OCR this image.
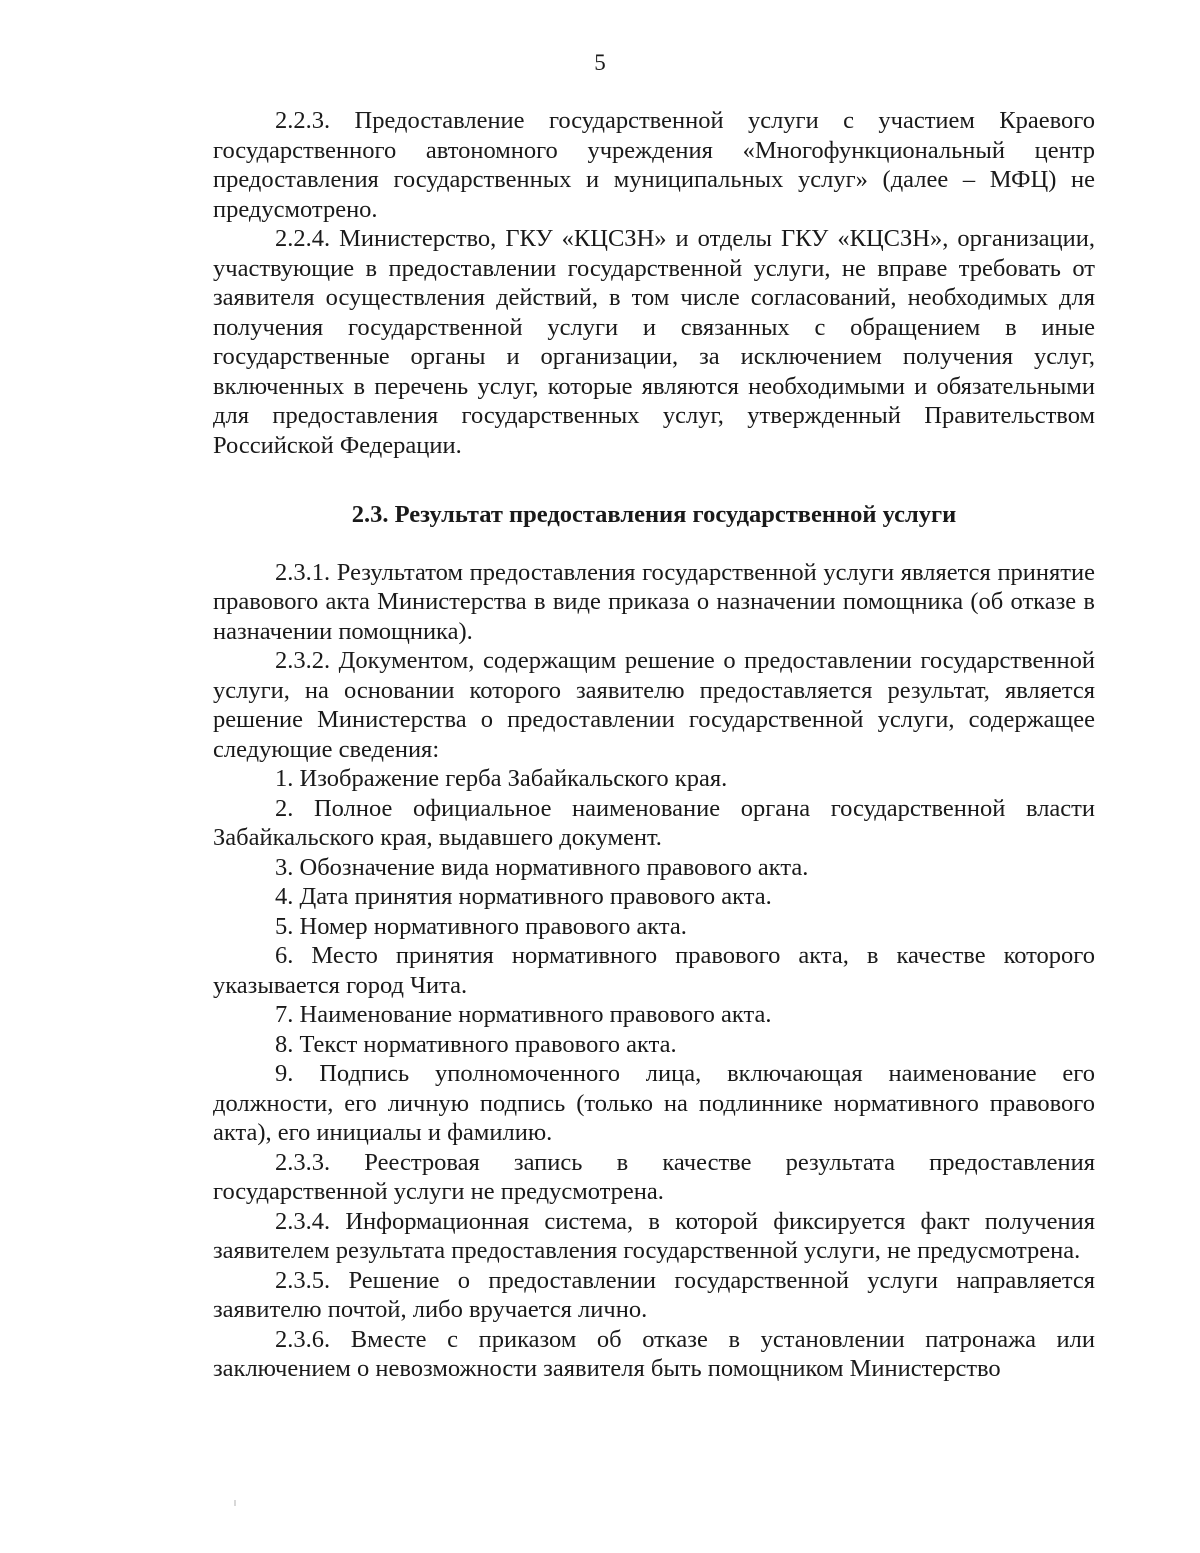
5

2.2.3. Предоставление государственной услуги с участием Краевого государственного автономного учреждения «Многофункциональный центр предоставления государственных и муниципальных услуг» (далее – МФЦ) не предусмотрено.

2.2.4. Министерство, ГКУ «КЦСЗН» и отделы ГКУ «КЦСЗН», организации, участвующие в предоставлении государственной услуги, не вправе требовать от заявителя осуществления действий, в том числе согласований, необходимых для получения государственной услуги и связанных с обращением в иные государственные органы и организации, за исключением получения услуг, включенных в перечень услуг, которые являются необходимыми и обязательными для предоставления государственных услуг, утвержденный Правительством Российской Федерации.

2.3. Результат предоставления государственной услуги

2.3.1. Результатом предоставления государственной услуги является принятие правового акта Министерства в виде приказа о назначении помощника (об отказе в назначении помощника).

2.3.2. Документом, содержащим решение о предоставлении государственной услуги, на основании которого заявителю предоставляется результат, является решение Министерства о предоставлении государственной услуги, содержащее следующие сведения:

1. Изображение герба Забайкальского края.

2. Полное официальное наименование органа государственной власти Забайкальского края, выдавшего документ.

3. Обозначение вида нормативного правового акта.

4. Дата принятия нормативного правового акта.

5. Номер нормативного правового акта.

6. Место принятия нормативного правового акта, в качестве которого указывается город Чита.

7. Наименование нормативного правового акта.

8. Текст нормативного правового акта.

9. Подпись уполномоченного лица, включающая наименование его должности, его личную подпись (только на подлиннике нормативного правового акта), его инициалы и фамилию.

2.3.3. Реестровая запись в качестве результата предоставления государственной услуги не предусмотрена.

2.3.4. Информационная система, в которой фиксируется факт получения заявителем результата предоставления государственной услуги, не предусмотрена.

2.3.5. Решение о предоставлении государственной услуги направляется заявителю почтой, либо вручается лично.

2.3.6. Вместе с приказом об отказе в установлении патронажа или заключением о невозможности заявителя быть помощником Министерство
